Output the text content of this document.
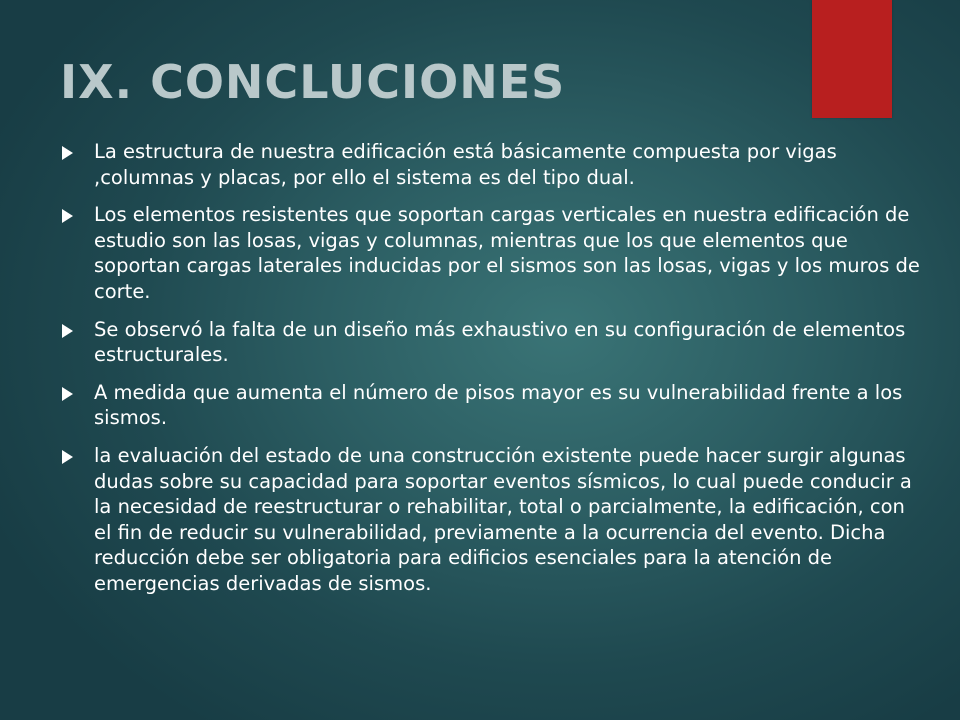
IX. CONCLUCIONES
La estructura de nuestra edificación está básicamente compuesta por vigas ,columnas y placas, por ello el sistema es del tipo dual.
Los elementos resistentes que soportan cargas verticales en nuestra edificación de estudio son las losas, vigas y columnas, mientras que los que elementos que soportan cargas laterales inducidas por el sismos son las losas, vigas y los muros de corte.
Se observó la falta de un diseño más exhaustivo en su configuración de elementos estructurales.
A medida que aumenta el número de pisos mayor es su vulnerabilidad frente a los sismos.
la evaluación del estado de una construcción existente puede hacer surgir algunas dudas sobre su capacidad para soportar eventos sísmicos, lo cual puede conducir a la necesidad de reestructurar o rehabilitar, total o parcialmente, la edificación, con el fin de reducir su vulnerabilidad, previamente a la ocurrencia del evento. Dicha reducción debe ser obligatoria para edificios esenciales para la atención de emergencias derivadas de sismos.
